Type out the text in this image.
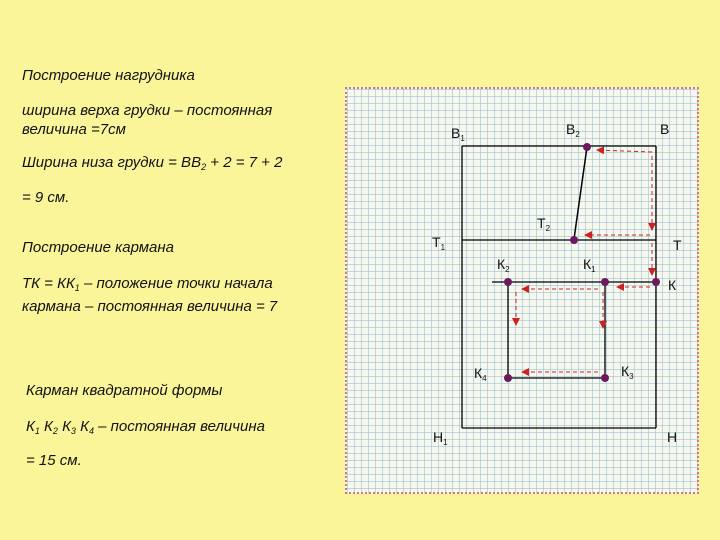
Построение нагрудника
ширина верха грудки – постоянная
величина =7см
Ширина низа грудки = $ВВ_2 + 2 = 7 + 2$
= 9 см.
Построение кармана
ТК = $КК_1$ – положение точки начала
кармана – постоянная величина = 7
Карман квадратной формы
$К_1$ $К_2$ $К_3$ $К_4$ – постоянная величина
= 15 см.
$В_1$
$В_2$	В
$Т_2$
$Т_1$	Т
$К_2$	$К_1$
К
$К_4$	$К_3$
$Н_1$	Н
